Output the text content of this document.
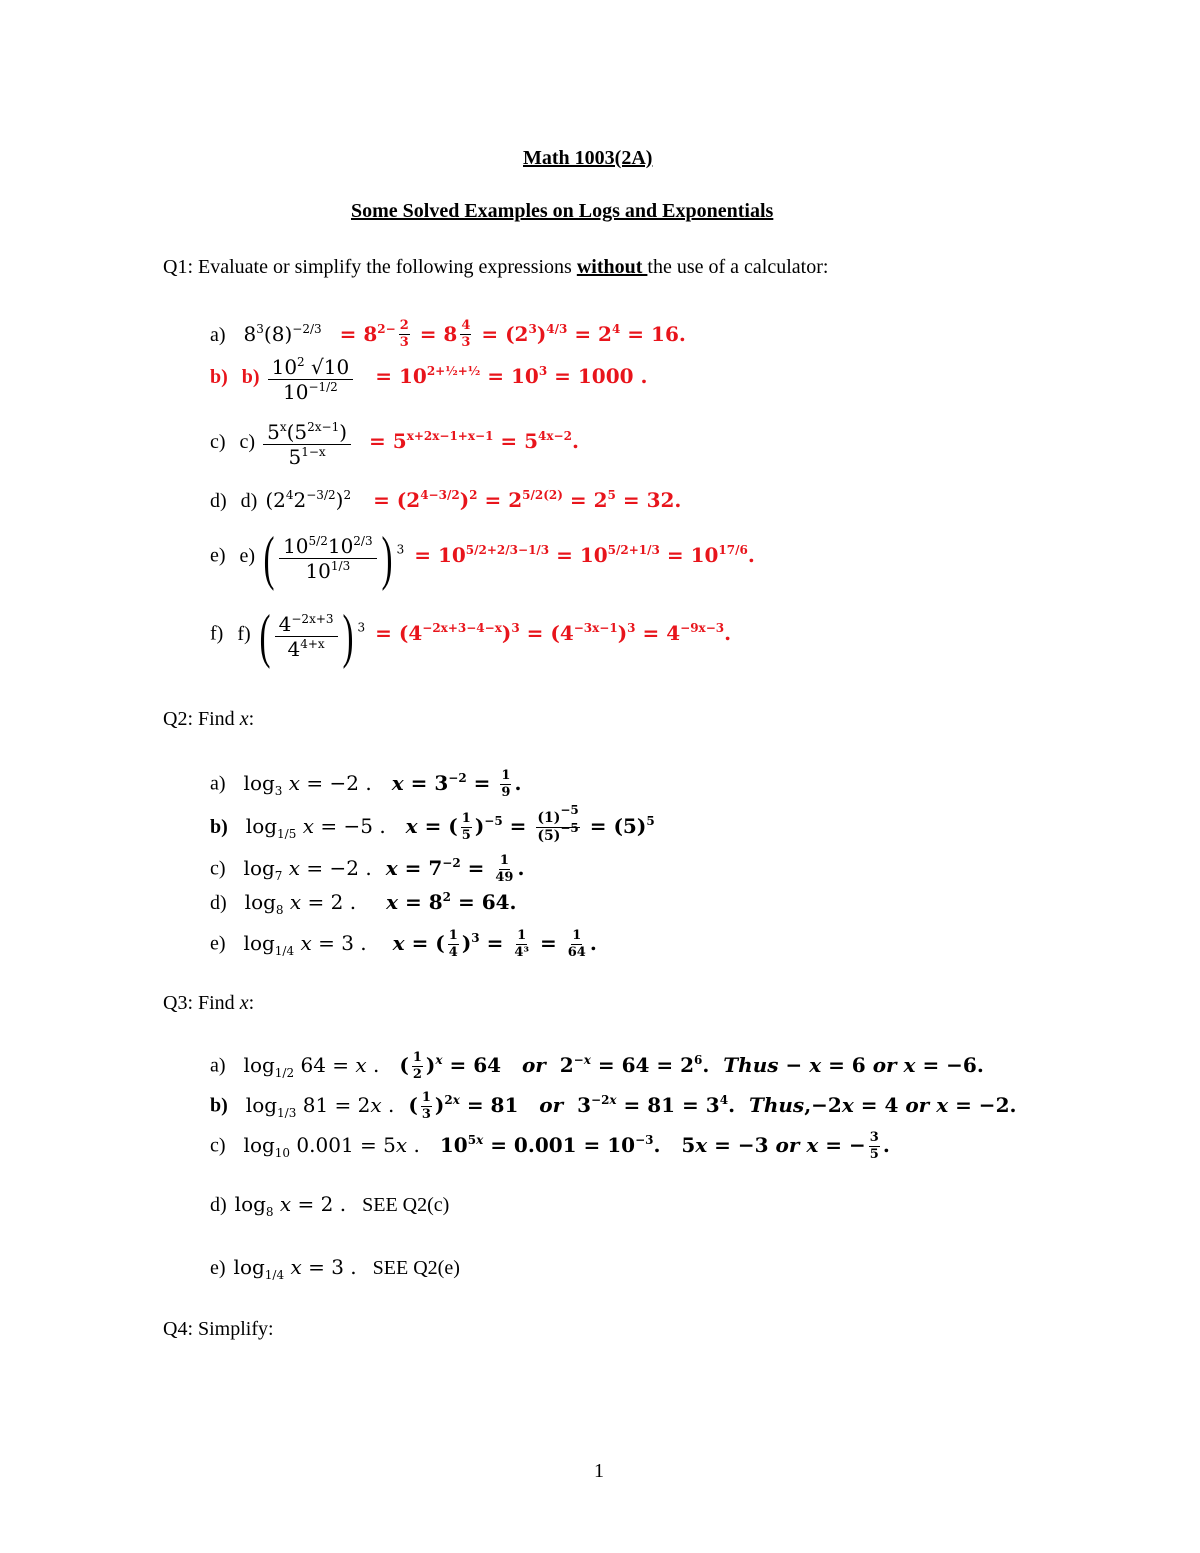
Math 1003(2A)
Some Solved Examples on Logs and Exponentials
Q1: Evaluate or simplify the following expressions without the use of a calculator:
a) $8^3(8)^{-2/3} = 8^{2- \frac{2}{3}} = 8$ $^{\frac{4}{3}} = (2^3)^{4/3} = 2^4 = 16$.
b) $b) \frac{10^2 √10}{10^{-1/2}} = 10^{2+\frac{1}{2}+\frac{1}{2}} = 10^3 = 1000$ .
c) $c) \frac{5^x(5^{2x-1})}{5^{1-x}} = 5^{x+2x-1+x-1} = 5^{4x-2}$.
d) d) $(2^42^{-3/2})^2 = (2^{4-3/2})^2 = 2^{5/2(2)} = 2^5 = 32$.
e) e) ( $\frac{10^{5/2}10^{2/3}}{10^{1/3}}$ ) $^3 = 10^{5/2+2/3-1/3} = 10^{5/2+1/3} = 10^{17/6}$.
f) f) ( $\frac{4^{-2x+3}}{4^{4+x}}$ ) $^3 = (4^{-2x+3-4-x})^3 = (4^{-3x-1})^3 = 4^{-9x-3}$.
Q2: Find x:
a) $\log_3 x = -2$ . $x = 3^{-2} = \frac{1}{9}$ .
b) $\log_{1/5} x = -5$ . x = ( $\frac{1}{5} )^{-5} = \frac{(1)^{-5}}{(5)^{-5}} = (5)^5$
c) $\log_7 x = -2$ . $x = 7^{-2} = \frac{1}{49}$ .
d) $\log_8 x = 2$ . $x = 8^2 = 64$.
e) $\log_{1/4} x = 3$ . x = ( $\frac{1}{4} )^3 = \frac{1}{\text{4³}} = \frac{1}{64}$ .
Q3: Find x:
a) $\log_{1/2} 64 = x$ . ( $\frac{1}{2} )^x = 64$   or  $2^{-x} = 64 = 2^6$.  Thus − x = 6 or x = −6.
b) $\log_{1/3} 81 = 2x$ . ( $\frac{1}{3} )^{2x} = 81$   or  $3^{-2x} = 81 = 3^4$.  Thus,−2x = 4 or x = −2.
c) $\log_{10} 0.001 = 5x$ . $10^{5x} = 0.001 = 10^{-3}$.   5x = −3 or x = − $\frac{3}{5}$ .
d) $\log_8 x = 2$ . SEE Q2(c)
e) $\log_{1/4} x = 3$ . SEE Q2(e)
Q4: Simplify:
1
